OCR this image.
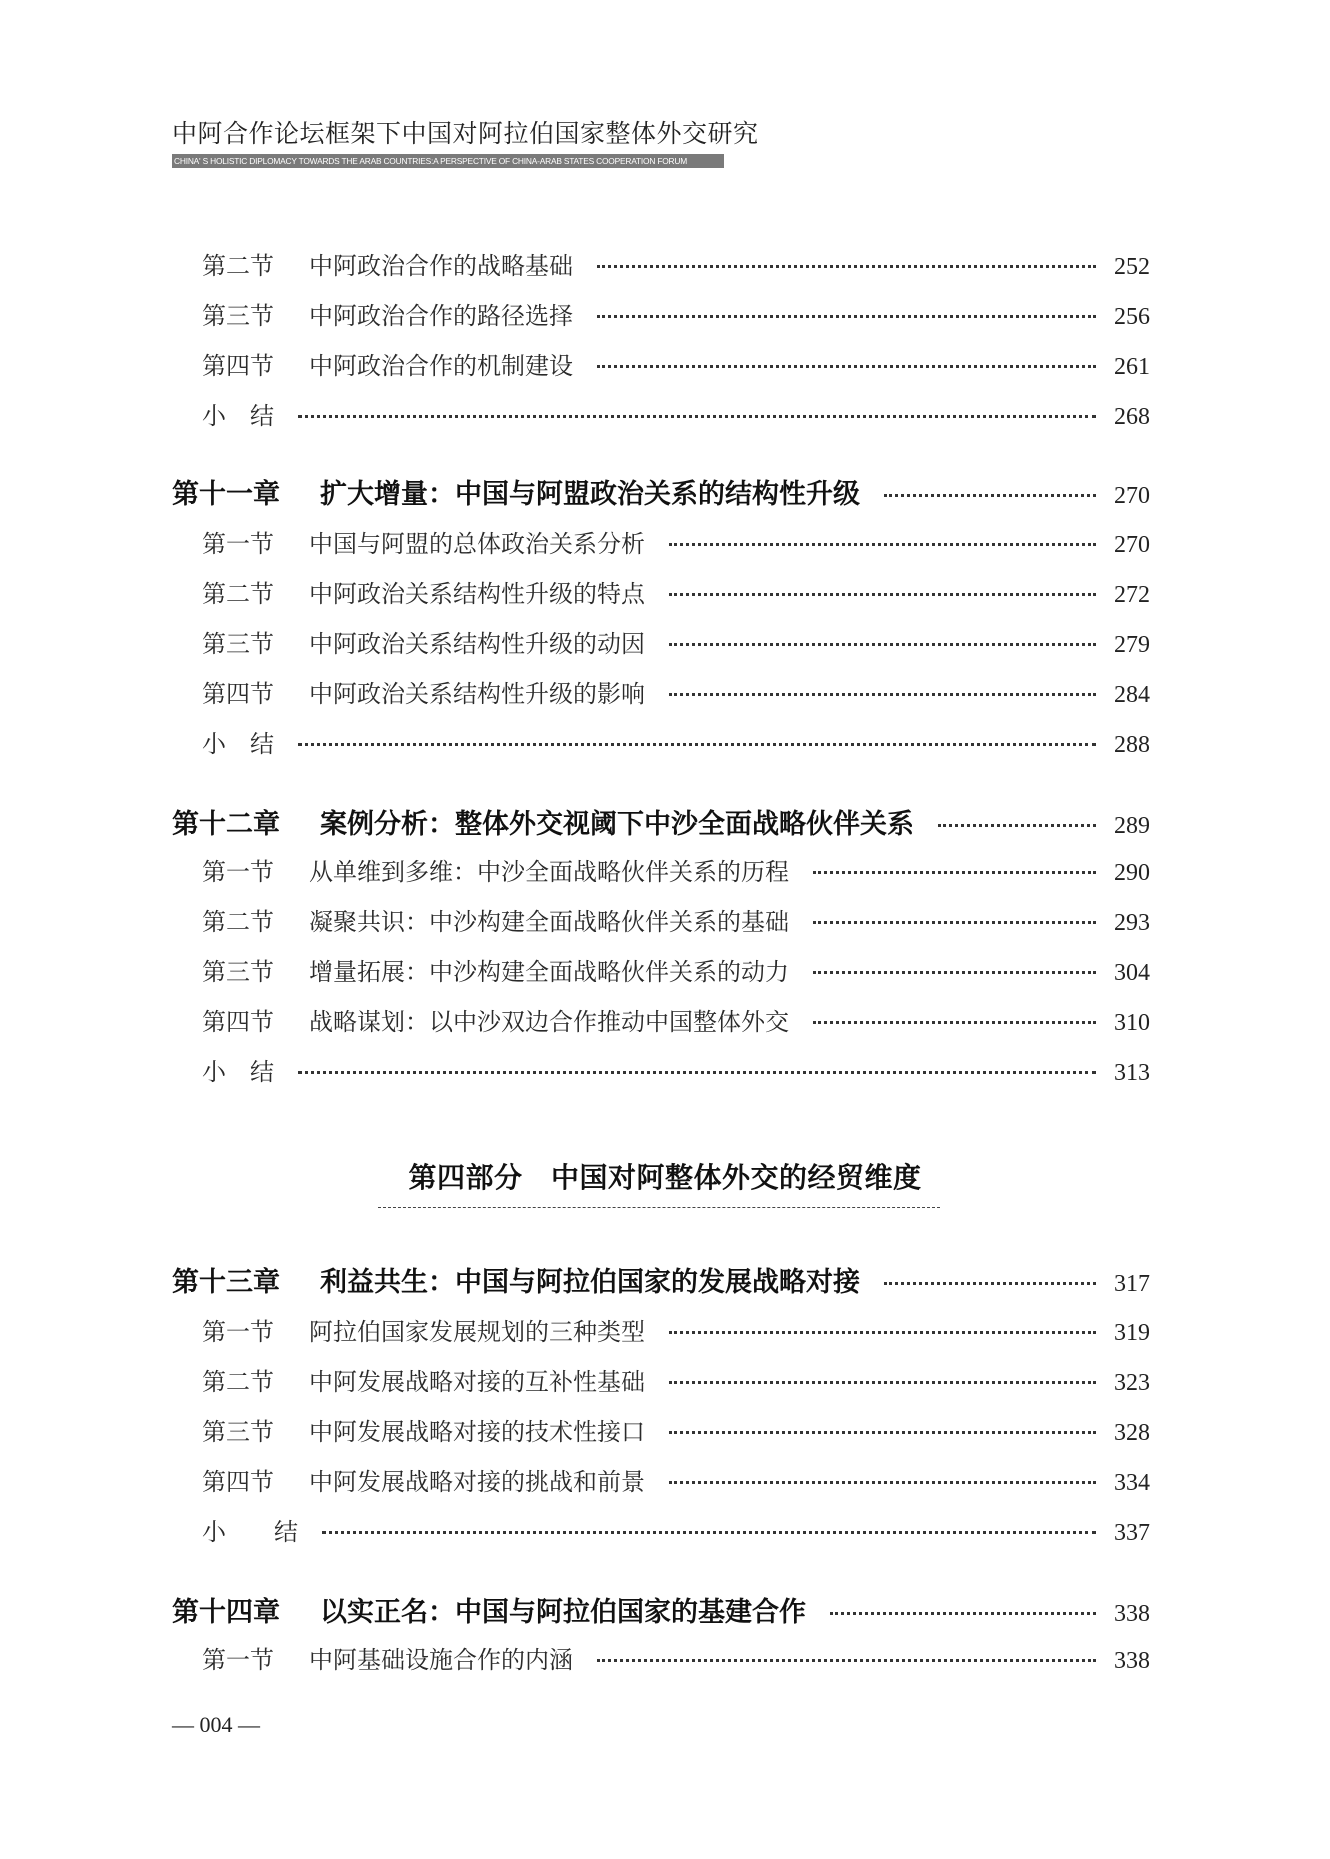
中阿合作论坛框架下中国对阿拉伯国家整体外交研究
CHINA' S HOLISTIC DIPLOMACY TOWARDS THE ARAB COUNTRIES:A PERSPECTIVE OF CHINA-ARAB STATES COOPERATION FORUM
第二节	中阿政治合作的战略基础	252
第三节	中阿政治合作的路径选择	256
第四节	中阿政治合作的机制建设	261
小　结	268
第十一章	扩大增量：中国与阿盟政治关系的结构性升级	270
第一节	中国与阿盟的总体政治关系分析	270
第二节	中阿政治关系结构性升级的特点	272
第三节	中阿政治关系结构性升级的动因	279
第四节	中阿政治关系结构性升级的影响	284
小　结	288
第十二章	案例分析：整体外交视阈下中沙全面战略伙伴关系	289
第一节	从单维到多维：中沙全面战略伙伴关系的历程	290
第二节	凝聚共识：中沙构建全面战略伙伴关系的基础	293
第三节	增量拓展：中沙构建全面战略伙伴关系的动力	304
第四节	战略谋划：以中沙双边合作推动中国整体外交	310
小　结	313
第十三章	利益共生：中国与阿拉伯国家的发展战略对接	317
第一节	阿拉伯国家发展规划的三种类型	319
第二节	中阿发展战略对接的互补性基础	323
第三节	中阿发展战略对接的技术性接口	328
第四节	中阿发展战略对接的挑战和前景	334
小　　结	337
第十四章	以实正名：中国与阿拉伯国家的基建合作	338
第一节	中阿基础设施合作的内涵	338
第四部分　中国对阿整体外交的经贸维度
— 004 —
